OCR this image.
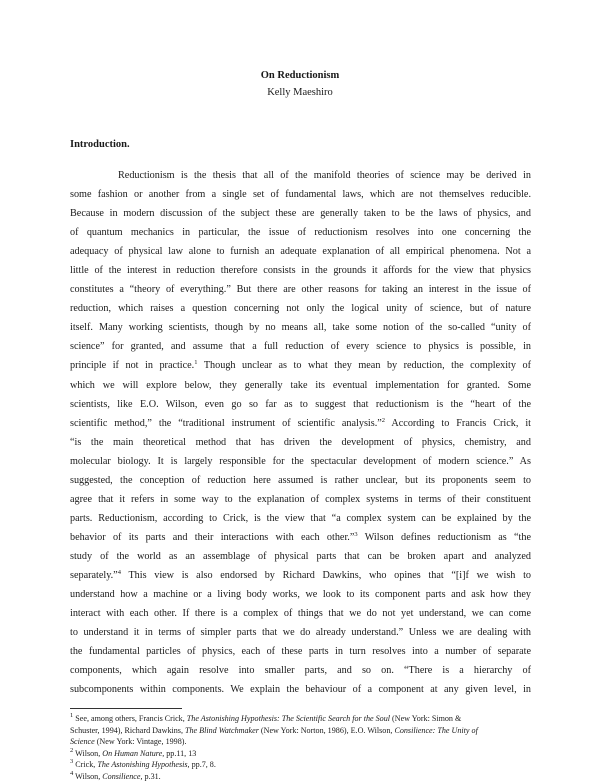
On Reductionism
Kelly Maeshiro
Introduction.
Reductionism is the thesis that all of the manifold theories of science may be derived in
some fashion or another from a single set of fundamental laws, which are not themselves reducible.
Because in modern discussion of the subject these are generally taken to be the laws of physics, and
of quantum mechanics in particular, the issue of reductionism resolves into one concerning the
adequacy of physical law alone to furnish an adequate explanation of all empirical phenomena. Not a
little of the interest in reduction therefore consists in the grounds it affords for the view that physics
constitutes a “theory of everything.” But there are other reasons for taking an interest in the issue of
reduction, which raises a question concerning not only the logical unity of science, but of nature
itself. Many working scientists, though by no means all, take some notion of the so-called “unity of
science” for granted, and assume that a full reduction of every science to physics is possible, in
principle if not in practice.$^1$ Though unclear as to what they mean by reduction, the complexity of
which we will explore below, they generally take its eventual implementation for granted. Some
scientists, like E.O. Wilson, even go so far as to suggest that reductionism is the “heart of the
scientific method,” the “traditional instrument of scientific analysis.”$^2$ According to Francis Crick, it
“is the main theoretical method that has driven the development of physics, chemistry, and
molecular biology. It is largely responsible for the spectacular development of modern science.” As
suggested, the conception of reduction here assumed is rather unclear, but its proponents seem to
agree that it refers in some way to the explanation of complex systems in terms of their constituent
parts. Reductionism, according to Crick, is the view that “a complex system can be explained by the
behavior of its parts and their interactions with each other.”$^3$ Wilson defines reductionism as “the
study of the world as an assemblage of physical parts that can be broken apart and analyzed
separately.”$^4$ This view is also endorsed by Richard Dawkins, who opines that “[i]f we wish to
understand how a machine or a living body works, we look to its component parts and ask how they
interact with each other. If there is a complex of things that we do not yet understand, we can come
to understand it in terms of simpler parts that we do already understand.” Unless we are dealing with
the fundamental particles of physics, each of these parts in turn resolves into a number of separate
components, which again resolve into smaller parts, and so on. “There is a hierarchy of
subcomponents within components. We explain the behaviour of a component at any given level, in
$^1$ See, among others, Francis Crick, The Astonishing Hypothesis: The Scientific Search for the Soul (New York: Simon &
Schuster, 1994), Richard Dawkins, The Blind Watchmaker (New York: Norton, 1986), E.O. Wilson, Consilience: The Unity of
Science (New York: Vintage, 1998).
$^2$ Wilson, On Human Nature, pp.11, 13
$^3$ Crick, The Astonishing Hypothesis, pp.7, 8.
$^4$ Wilson, Consilience, p.31.
